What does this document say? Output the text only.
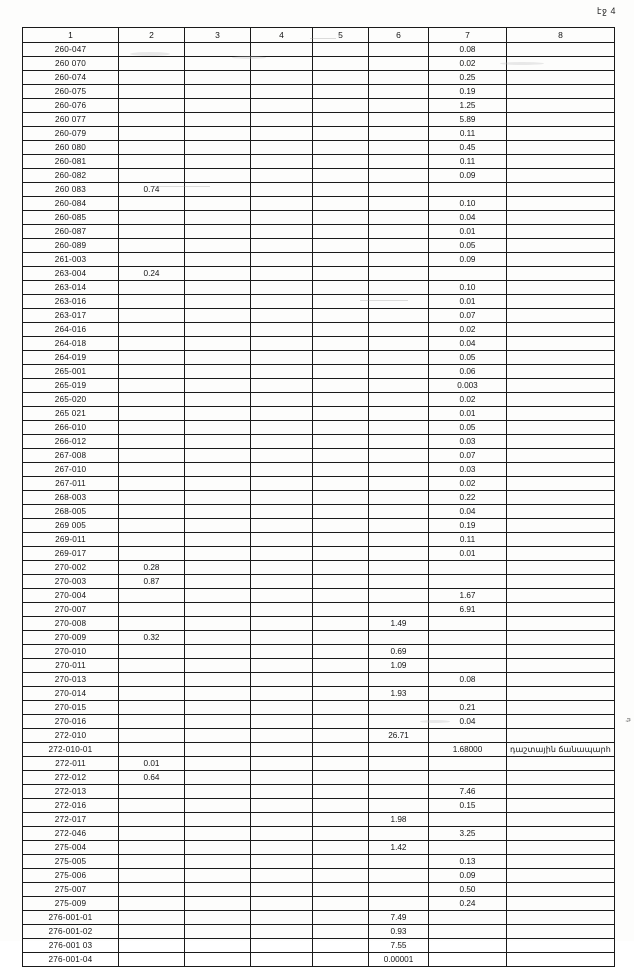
էջ 4
1	2	3	4	5	6	7	8
260-047						0.08	
260 070						0.02	
260-074						0.25	
260-075						0.19	
260-076						1.25	
260 077						5.89	
260-079						0.11	
260 080						0.45	
260-081						0.11	
260-082						0.09	
260 083	0.74						
260-084						0.10	
260-085						0.04	
260-087						0.01	
260-089						0.05	
261-003						0.09	
263-004	0.24						
263-014						0.10	
263-016						0.01	
263-017						0.07	
264-016						0.02	
264-018						0.04	
264-019						0.05	
265-001						0.06	
265-019						0.003	
265-020						0.02	
265 021						0.01	
266-010						0.05	
266-012						0.03	
267-008						0.07	
267-010						0.03	
267-011						0.02	
268-003						0.22	
268-005						0.04	
269 005						0.19	
269-011						0.11	
269-017						0.01	
270-002	0.28						
270-003	0.87						
270-004						1.67	
270-007						6.91	
270-008					1.49		
270-009	0.32						
270-010					0.69		
270-011					1.09		
270-013						0.08	
270-014					1.93		
270-015						0.21	
270-016						0.04	
272-010					26.71		
272-010-01						1.68000	դաշտային ճանապարհ
272-011	0.01						
272-012	0.64						
272-013						7.46	
272-016						0.15	
272-017					1.98		
272-046						3.25	
275-004					1.42		
275-005						0.13	
275-006						0.09	
275-007						0.50	
275-009						0.24	
276-001-01					7.49		
276-001-02					0.93		
276-001 03					7.55		
276-001-04					0.00001		
դ
